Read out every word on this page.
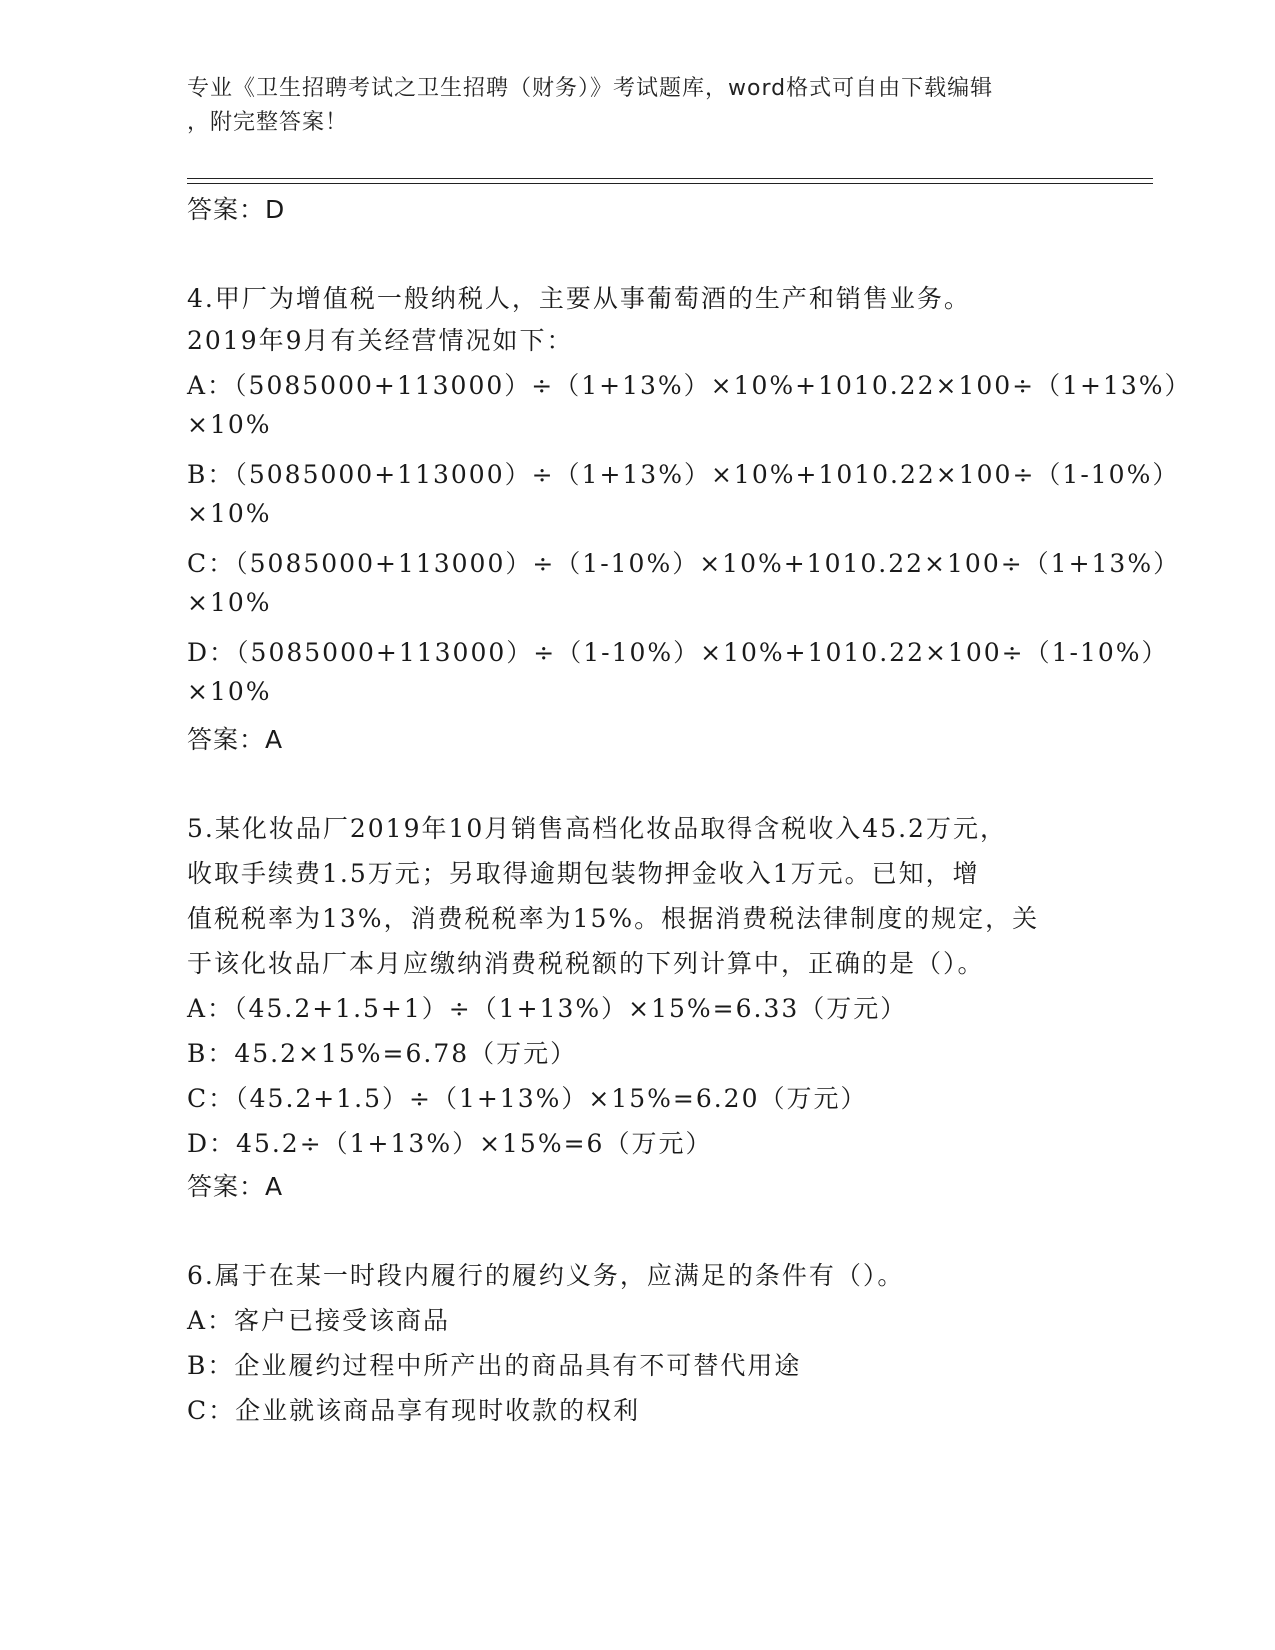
专业《卫生招聘考试之卫生招聘（财务）》考试题库，word格式可自由下载编辑
，附完整答案！
答案：D
4.甲厂为增值税一般纳税人，主要从事葡萄酒的生产和销售业务。
2019年9月有关经营情况如下：
A：（5085000+113000）÷（1+13%）×10%+1010.22×100÷（1+13%）
×10%
B：（5085000+113000）÷（1+13%）×10%+1010.22×100÷（1-10%）
×10%
C：（5085000+113000）÷（1-10%）×10%+1010.22×100÷（1+13%）
×10%
D：（5085000+113000）÷（1-10%）×10%+1010.22×100÷（1-10%）
×10%
答案：A
5.某化妆品厂2019年10月销售高档化妆品取得含税收入45.2万元，
收取手续费1.5万元；另取得逾期包装物押金收入1万元。已知，增
值税税率为13%，消费税税率为15%。根据消费税法律制度的规定，关
于该化妆品厂本月应缴纳消费税税额的下列计算中，正确的是（）。
A：（45.2+1.5+1）÷（1+13%）×15%=6.33（万元）
B：45.2×15%=6.78（万元）
C：（45.2+1.5）÷（1+13%）×15%=6.20（万元）
D：45.2÷（1+13%）×15%=6（万元）
答案：A
6.属于在某一时段内履行的履约义务，应满足的条件有（）。
A：客户已接受该商品
B：企业履约过程中所产出的商品具有不可替代用途
C：企业就该商品享有现时收款的权利
